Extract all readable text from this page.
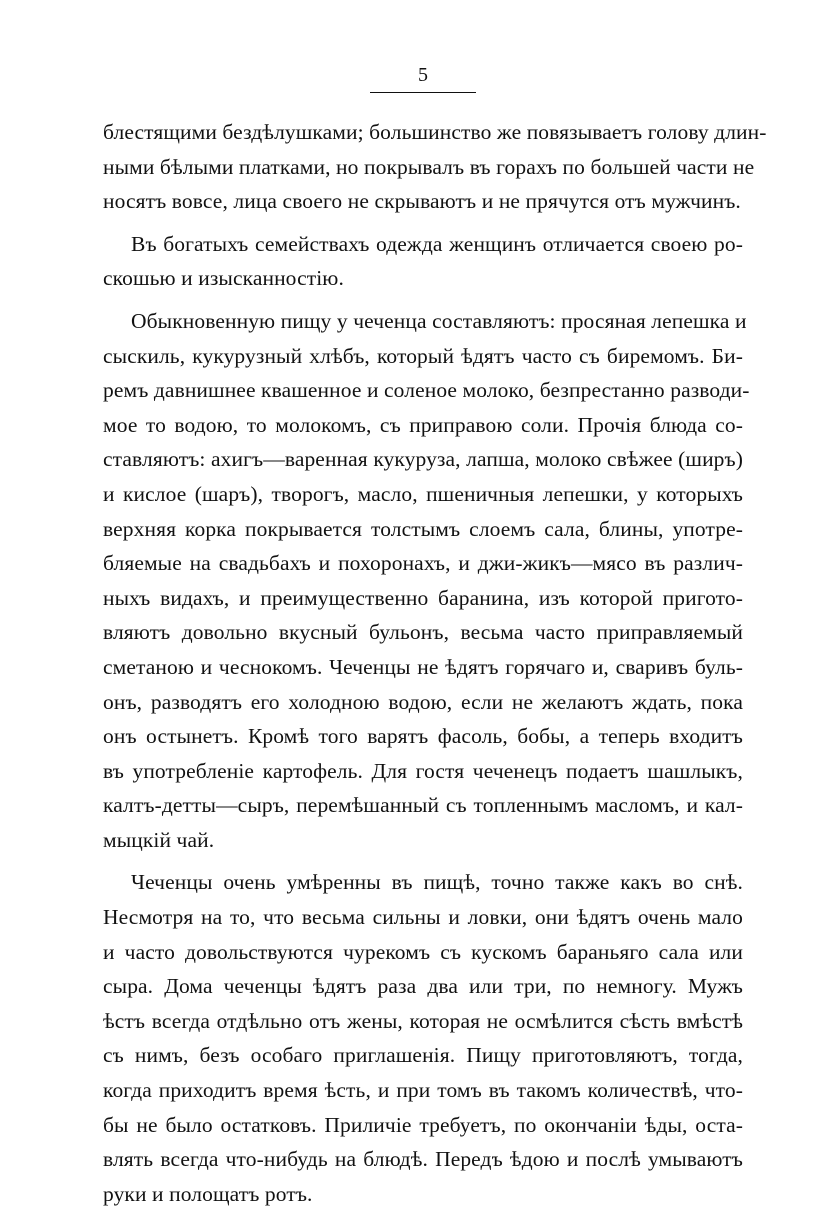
5
блестящими бездѣлушками; большинство же повязываетъ голову длин-
ными бѣлыми платками, но покрывалъ въ горахъ по большей части не
носятъ вовсе, лица своего не скрываютъ и не прячутся отъ мужчинъ.
Въ богатыхъ семействахъ одежда женщинъ отличается своею ро-
скошью и изысканностію.
Обыкновенную пищу у чеченца составляютъ: просяная лепешка и
сыскиль, кукурузный хлѣбъ, который ѣдятъ часто съ биремомъ. Би-
ремъ давнишнее квашенное и соленое молоко, безпрестанно разводи-
мое то водою, то молокомъ, съ приправою соли. Прочія блюда со-
ставляютъ: ахигъ—варенная кукуруза, лапша, молоко свѣжее (ширъ)
и кислое (шаръ), творогъ, масло, пшеничныя лепешки, у которыхъ
верхняя корка покрывается толстымъ слоемъ сала, блины, употре-
бляемые на свадьбахъ и похоронахъ, и джи-жикъ—мясо въ различ-
ныхъ видахъ, и преимущественно баранина, изъ которой пригото-
вляютъ довольно вкусный бульонъ, весьма часто приправляемый
сметаною и чеснокомъ. Чеченцы не ѣдятъ горячаго и, сваривъ буль-
онъ, разводятъ его холодною водою, если не желаютъ ждать, пока
онъ остынетъ. Кромѣ того варятъ фасоль, бобы, а теперь входитъ
въ употребленіе картофель. Для гостя чеченецъ подаетъ шашлыкъ,
калтъ-детты—сыръ, перемѣшанный съ топленнымъ масломъ, и кал-
мыцкій чай.
Чеченцы очень умѣренны въ пищѣ, точно также какъ во снѣ.
Несмотря на то, что весьма сильны и ловки, они ѣдятъ очень мало
и часто довольствуются чурекомъ съ кускомъ бараньяго сала или
сыра. Дома чеченцы ѣдятъ раза два или три, по немногу. Мужъ
ѣстъ всегда отдѣльно отъ жены, которая не осмѣлится сѣсть вмѣстѣ
съ нимъ, безъ особаго приглашенія. Пищу приготовляютъ, тогда,
когда приходитъ время ѣсть, и при томъ въ такомъ количествѣ, что-
бы не было остатковъ. Приличіе требуетъ, по окончаніи ѣды, оста-
влять всегда что-нибудь на блюдѣ. Передъ ѣдою и послѣ умываютъ
руки и полощатъ ротъ.
